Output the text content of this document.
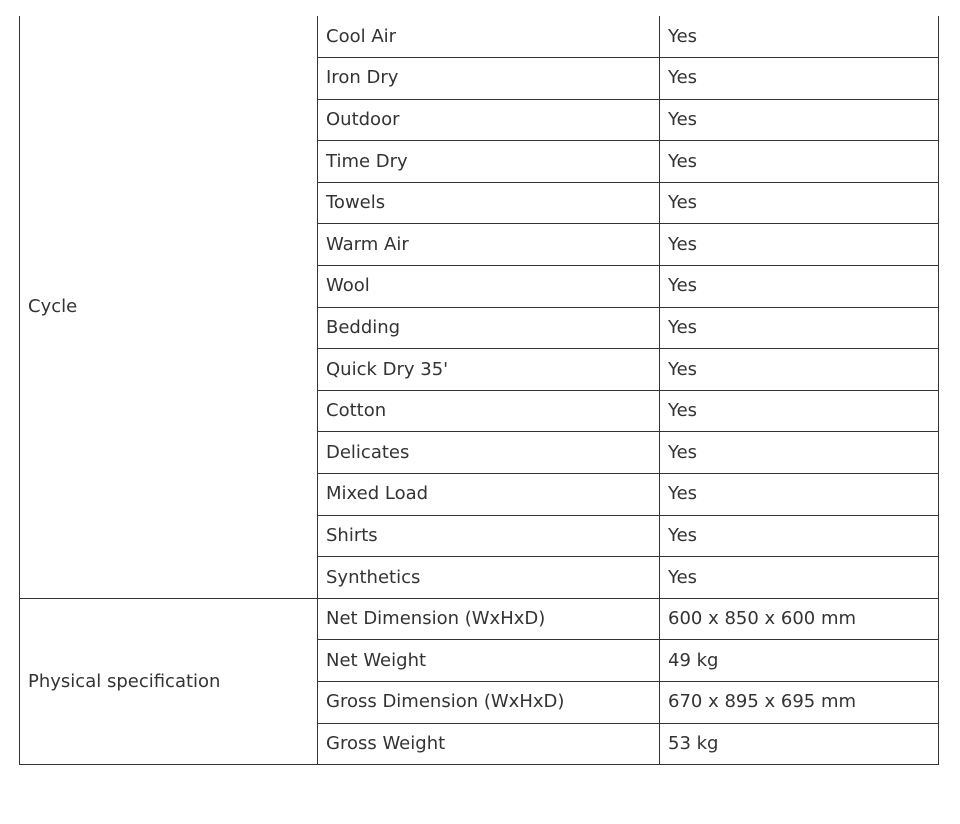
Cycle	Cool Air	Yes
	Iron Dry	Yes
	Outdoor	Yes
	Time Dry	Yes
	Towels	Yes
	Warm Air	Yes
	Wool	Yes
	Bedding	Yes
	Quick Dry 35'	Yes
	Cotton	Yes
	Delicates	Yes
	Mixed Load	Yes
	Shirts	Yes
	Synthetics	Yes
Physical specification	Net Dimension (WxHxD)	600 x 850 x 600 mm
	Net Weight	49 kg
	Gross Dimension (WxHxD)	670 x 895 x 695 mm
	Gross Weight	53 kg
